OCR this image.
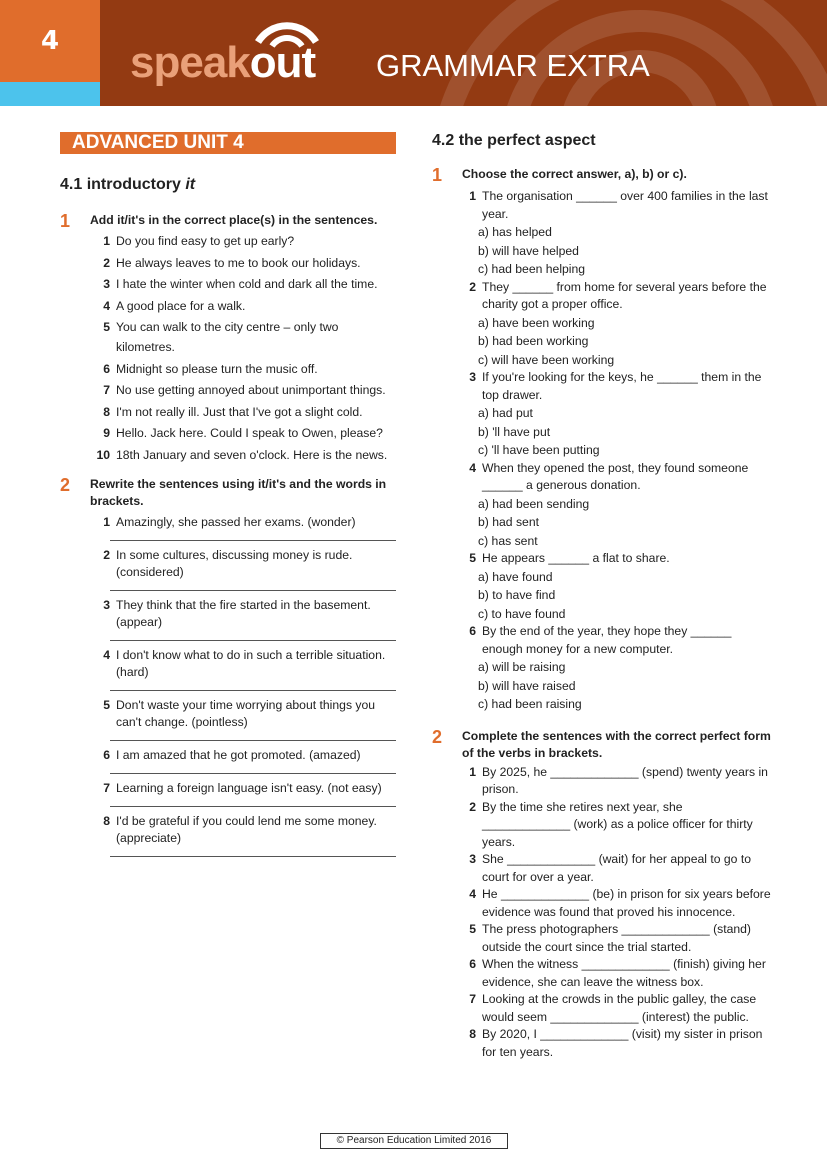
4	speakout GRAMMAR EXTRA
ADVANCED UNIT 4
4.1 introductory it
1	Add it/it's in the correct place(s) in the sentences.
1 Do you find easy to get up early?
2 He always leaves to me to book our holidays.
3 I hate the winter when cold and dark all the time.
4 A good place for a walk.
5 You can walk to the city centre – only two kilometres.
6 Midnight so please turn the music off.
7 No use getting annoyed about unimportant things.
8 I'm not really ill. Just that I've got a slight cold.
9 Hello. Jack here. Could I speak to Owen, please?
10 18th January and seven o'clock. Here is the news.
2	Rewrite the sentences using it/it's and the words in brackets.
1 Amazingly, she passed her exams. (wonder)
2 In some cultures, discussing money is rude. (considered)
3 They think that the fire started in the basement. (appear)
4 I don't know what to do in such a terrible situation. (hard)
5 Don't waste your time worrying about things you can't change. (pointless)
6 I am amazed that he got promoted. (amazed)
7 Learning a foreign language isn't easy. (not easy)
8 I'd be grateful if you could lend me some money. (appreciate)
4.2 the perfect aspect
1	Choose the correct answer, a), b) or c).
1 The organisation ______ over 400 families in the last year.
a) has helped
b) will have helped
c) had been helping
2 They ______ from home for several years before the charity got a proper office.
a) have been working
b) had been working
c) will have been working
3 If you're looking for the keys, he ______ them in the top drawer.
a) had put
b) 'll have put
c) 'll have been putting
4 When they opened the post, they found someone ______ a generous donation.
a) had been sending
b) had sent
c) has sent
5 He appears ______ a flat to share.
a) have found
b) to have find
c) to have found
6 By the end of the year, they hope they ______ enough money for a new computer.
a) will be raising
b) will have raised
c) had been raising
2	Complete the sentences with the correct perfect form of the verbs in brackets.
1 By 2025, he _____________ (spend) twenty years in prison.
2 By the time she retires next year, she _____________ (work) as a police officer for thirty years.
3 She _____________ (wait) for her appeal to go to court for over a year.
4 He _____________ (be) in prison for six years before evidence was found that proved his innocence.
5 The press photographers _____________ (stand) outside the court since the trial started.
6 When the witness _____________ (finish) giving her evidence, she can leave the witness box.
7 Looking at the crowds in the public galley, the case would seem _____________ (interest) the public.
8 By 2020, I _____________ (visit) my sister in prison for ten years.
© Pearson Education Limited 2016
